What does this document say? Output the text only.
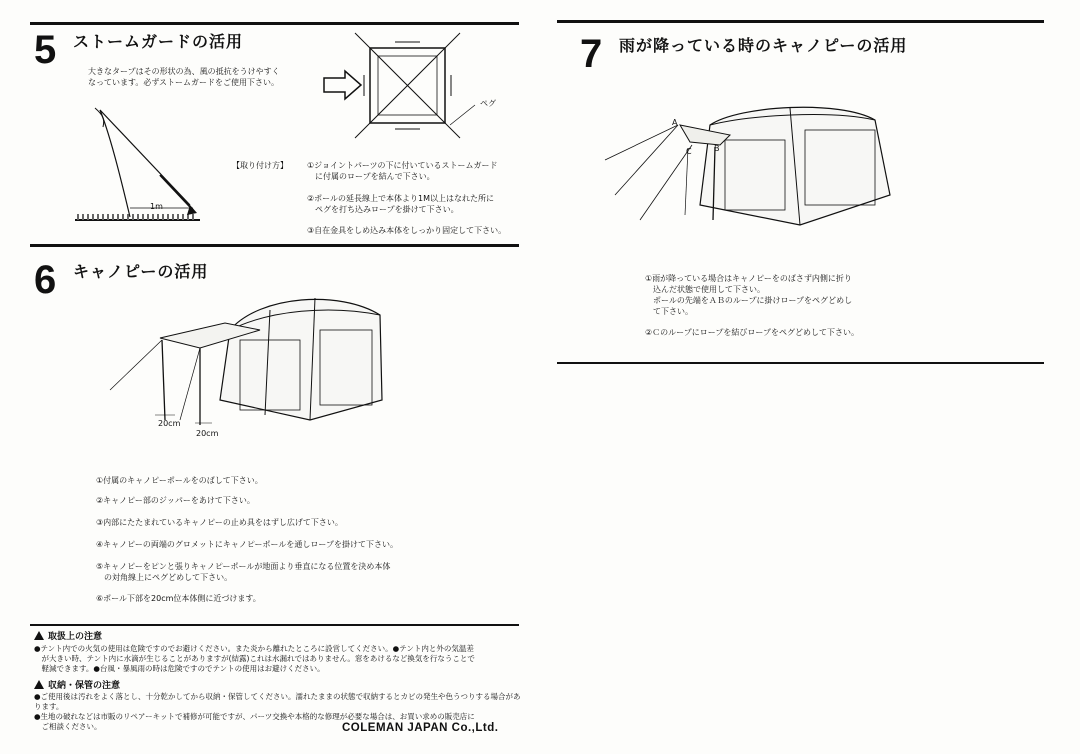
5 ストームガードの活用
大きなタープはその形状の為、風の抵抗をうけやすく
なっています。必ずストームガードをご使用下さい。
1m
ペグ
【取り付け方】 ①ジョイントパーツの下に付いているストームガード
　に付属のロープを結んで下さい。
②ポールの延長線上で本体より1M以上はなれた所に
　ペグを打ち込みロープを掛けて下さい。
③自在金具をしめ込み本体をしっかり固定して下さい。
6 キャノピーの活用
20cm
20cm
①付属のキャノピーポールをのばして下さい。
②キャノピー部のジッパーをあけて下さい。
③内部にたたまれているキャノピーの止め具をはずし広げて下さい。
④キャノピーの両端のグロメットにキャノピーポールを通しロープを掛けて下さい。
⑤キャノピーをピンと張りキャノピーポールが地面より垂直になる位置を決め本体
　の対角線上にペグどめして下さい。
⑥ポール下部を20cm位本体側に近づけます。
取扱上の注意
●テント内での火気の使用は危険ですのでお避けください。また炎から離れたところに設営してください。●テント内と外の気温差
　が大きい時、テント内に水滴が生じることがありますが(結露)これは水漏れではありません。窓をあけるなど換気を行なうことで
　軽減できます。●台風・暴風雨の時は危険ですのでテントの使用はお避けください。
収納・保管の注意
●ご使用後は汚れをよく落とし、十分乾かしてから収納・保管してください。濡れたままの状態で収納するとカビの発生や色うつりする場合があります。
●生地の破れなどは市販のリペアーキットで補修が可能ですが、パーツ交換や本格的な修理が必要な場合は、お買い求めの販売店に
　ご相談ください。	COLEMAN JAPAN Co.,Ltd.
7 雨が降っている時のキャノピーの活用
A
B
C
①雨が降っている場合はキャノピーをのばさず内側に折り
　込んだ状態で使用して下さい。
　ポールの先端をＡＢのループに掛けロープをペグどめし
　て下さい。
②Ｃのループにロープを結びロープをペグどめして下さい。
